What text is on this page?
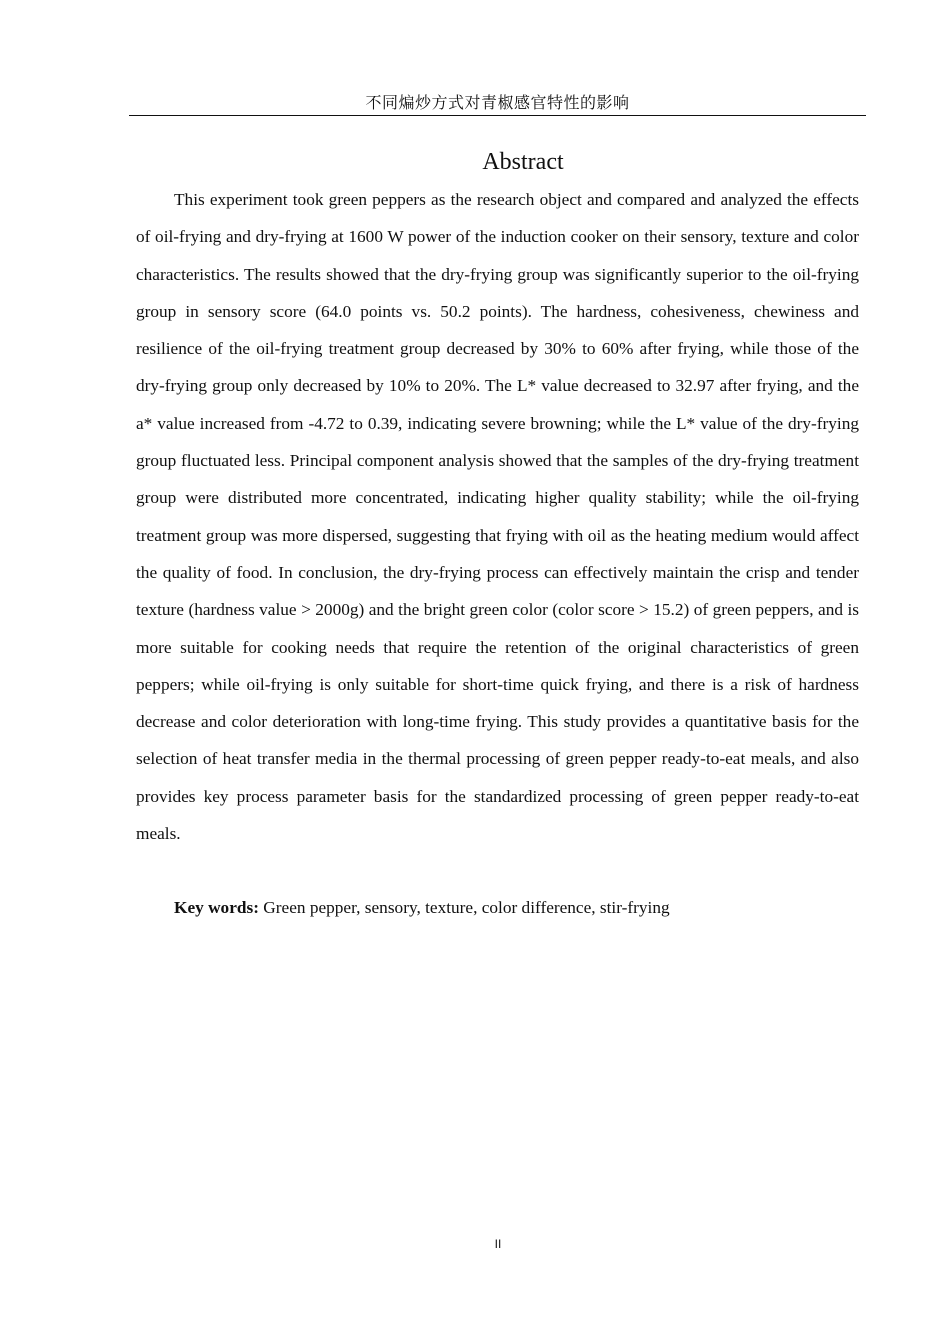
不同煸炒方式对青椒感官特性的影响
Abstract

This experiment took green peppers as the research object and compared and analyzed the effects of oil-frying and dry-frying at 1600 W power of the induction cooker on their sensory, texture and color characteristics. The results showed that the dry-frying group was significantly superior to the oil-frying group in sensory score (64.0 points vs. 50.2 points). The hardness, cohesiveness, chewiness and resilience of the oil-frying treatment group decreased by 30% to 60% after frying, while those of the dry-frying group only decreased by 10% to 20%. The L* value decreased to 32.97 after frying, and the a* value increased from -4.72 to 0.39, indicating severe browning; while the L* value of the dry-frying group fluctuated less. Principal component analysis showed that the samples of the dry-frying treatment group were distributed more concentrated, indicating higher quality stability; while the oil-frying treatment group was more dispersed, suggesting that frying with oil as the heating medium would affect the quality of food. In conclusion, the dry-frying process can effectively maintain the crisp and tender texture (hardness value > 2000g) and the bright green color (color score > 15.2) of green peppers, and is more suitable for cooking needs that require the retention of the original characteristics of green peppers; while oil-frying is only suitable for short-time quick frying, and there is a risk of hardness decrease and color deterioration with long-time frying. This study provides a quantitative basis for the selection of heat transfer media in the thermal processing of green pepper ready-to-eat meals, and also provides key process parameter basis for the standardized processing of green pepper ready-to-eat meals.

Key words: Green pepper, sensory, texture, color difference, stir-frying

II
